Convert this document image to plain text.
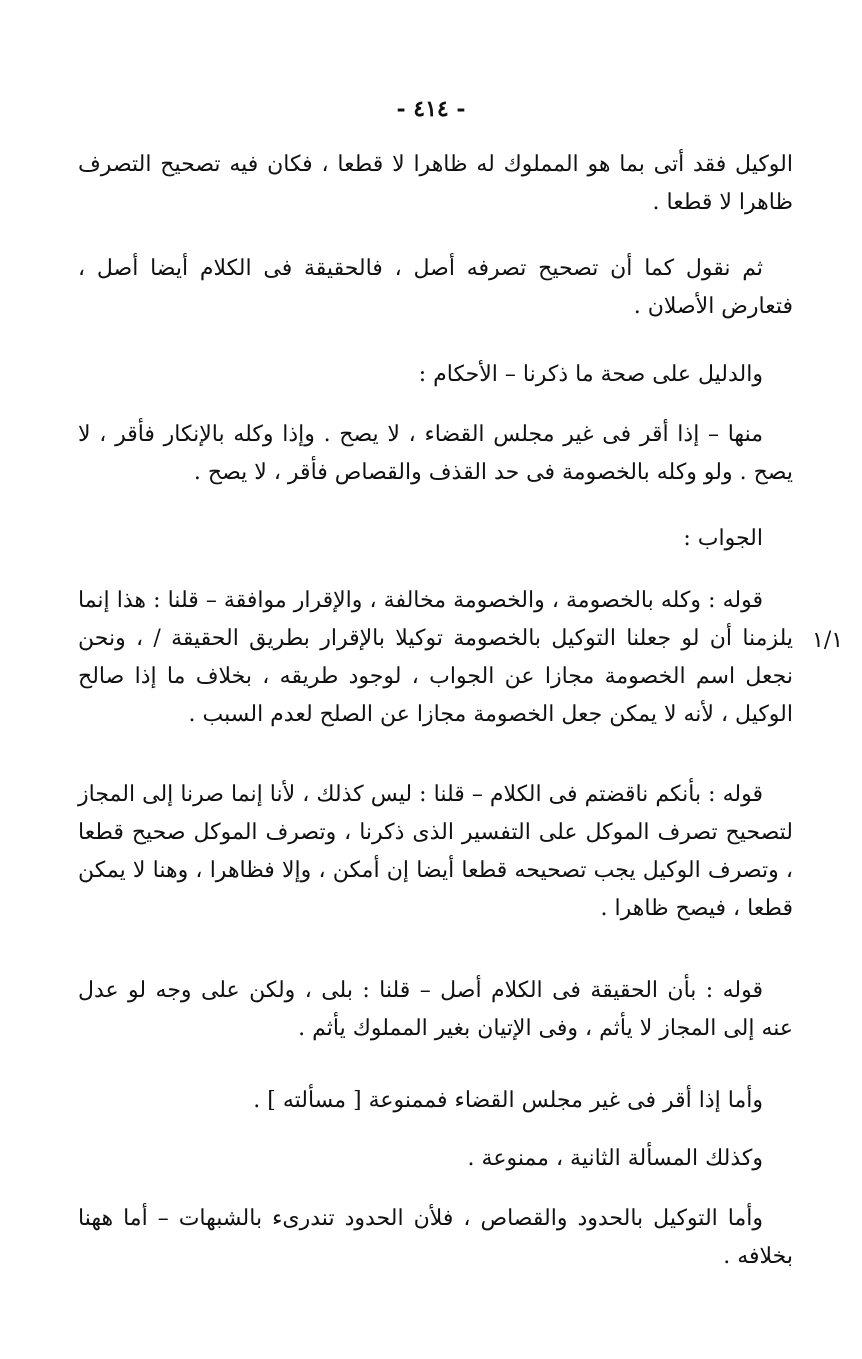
- ٤١٤ -
١/١

الوكيل فقد أتى بما هو المملوك له ظاهرا لا قطعا ، فكان فيه تصحيح التصرف ظاهرا لا قطعا .

ثم نقول كما أن تصحيح تصرفه أصل ، فالحقيقة فى الكلام أيضا أصل ، فتعارض الأصلان .

والدليل على صحة ما ذكرنا – الأحكام :

منها – إذا أقر فى غير مجلس القضاء ، لا يصح . وإذا وكله بالإنكار فأقر ، لا يصح . ولو وكله بالخصومة فى حد القذف والقصاص فأقر ، لا يصح .

الجواب :

قوله : وكله بالخصومة ، والخصومة مخالفة ، والإقرار موافقة – قلنا : هذا إنما يلزمنا أن لو جعلنا التوكيل بالخصومة توكيلا بالإقرار بطريق الحقيقة / ، ونحن نجعل اسم الخصومة مجازا عن الجواب ، لوجود طريقه ، بخلاف ما إذا صالح الوكيل ، لأنه لا يمكن جعل الخصومة مجازا عن الصلح لعدم السبب .

قوله : بأنكم ناقضتم فى الكلام – قلنا : ليس كذلك ، لأنا إنما صرنا إلى المجاز لتصحيح تصرف الموكل على التفسير الذى ذكرنا ، وتصرف الموكل صحيح قطعا ، وتصرف الوكيل يجب تصحيحه قطعا أيضا إن أمكن ، وإلا فظاهرا ، وهنا لا يمكن قطعا ، فيصح ظاهرا .

قوله : بأن الحقيقة فى الكلام أصل – قلنا : بلى ، ولكن على وجه لو عدل عنه إلى المجاز لا يأثم ، وفى الإتيان بغير المملوك يأثم .

وأما إذا أقر فى غير مجلس القضاء فممنوعة [ مسألته ] .

وكذلك المسألة الثانية ، ممنوعة .

وأما التوكيل بالحدود والقصاص ، فلأن الحدود تندرىء بالشبهات – أما ههنا بخلافه .
